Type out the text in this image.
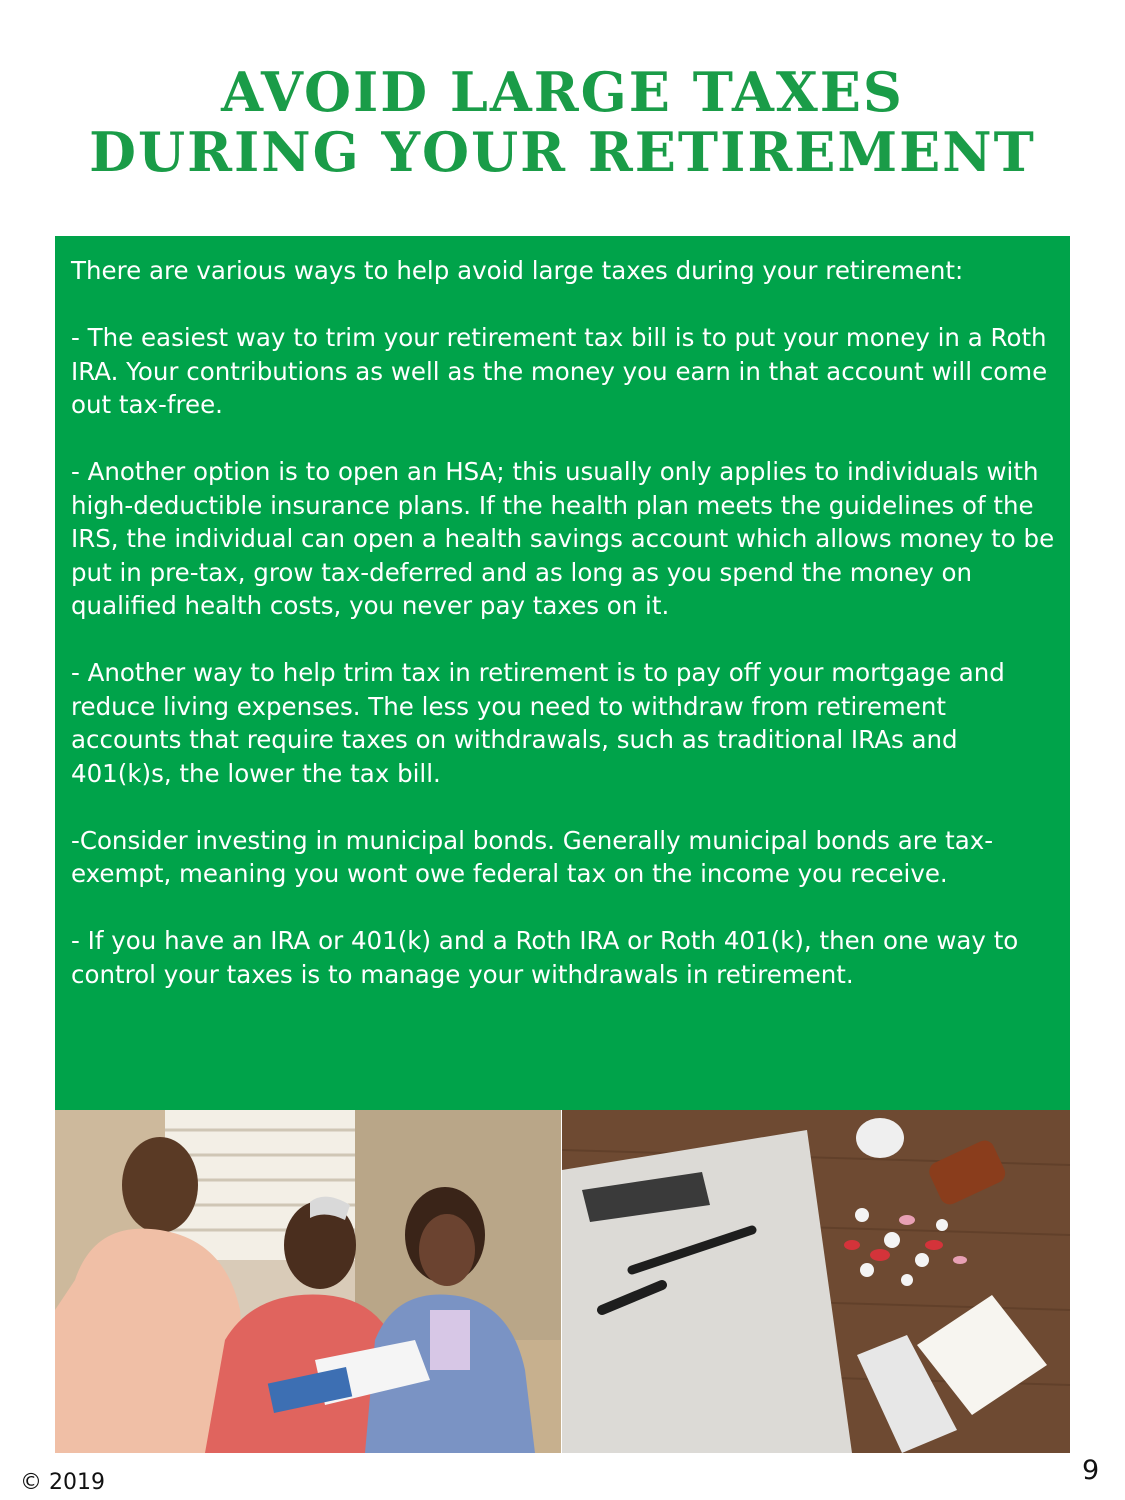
AVOID LARGE TAXES
DURING YOUR RETIREMENT

There are various ways to help avoid large taxes during your retirement:

- The easiest way to trim your retirement tax bill is to put your money in a Roth IRA. Your contributions as well as the money you earn in that account will come out tax-free.

- Another option is to open an HSA; this usually only applies to individuals with high-deductible insurance plans. If the health plan meets the guidelines of the IRS, the individual can open a health savings account which allows money to be put in pre-tax, grow tax-deferred and as long as you spend the money on qualified health costs, you never pay taxes on it.

- Another way to help trim tax in retirement is to pay off your mortgage and reduce living expenses. The less you need to withdraw from retirement accounts that require taxes on withdrawals, such as traditional IRAs and 401(k)s, the lower the tax bill.

-Consider investing in municipal bonds. Generally municipal bonds are tax-exempt, meaning you wont owe federal tax on the income you receive.

- If you have an IRA or 401(k) and a Roth IRA or Roth 401(k), then one way to control your taxes is to manage your withdrawals in retirement.

© 2019	9
